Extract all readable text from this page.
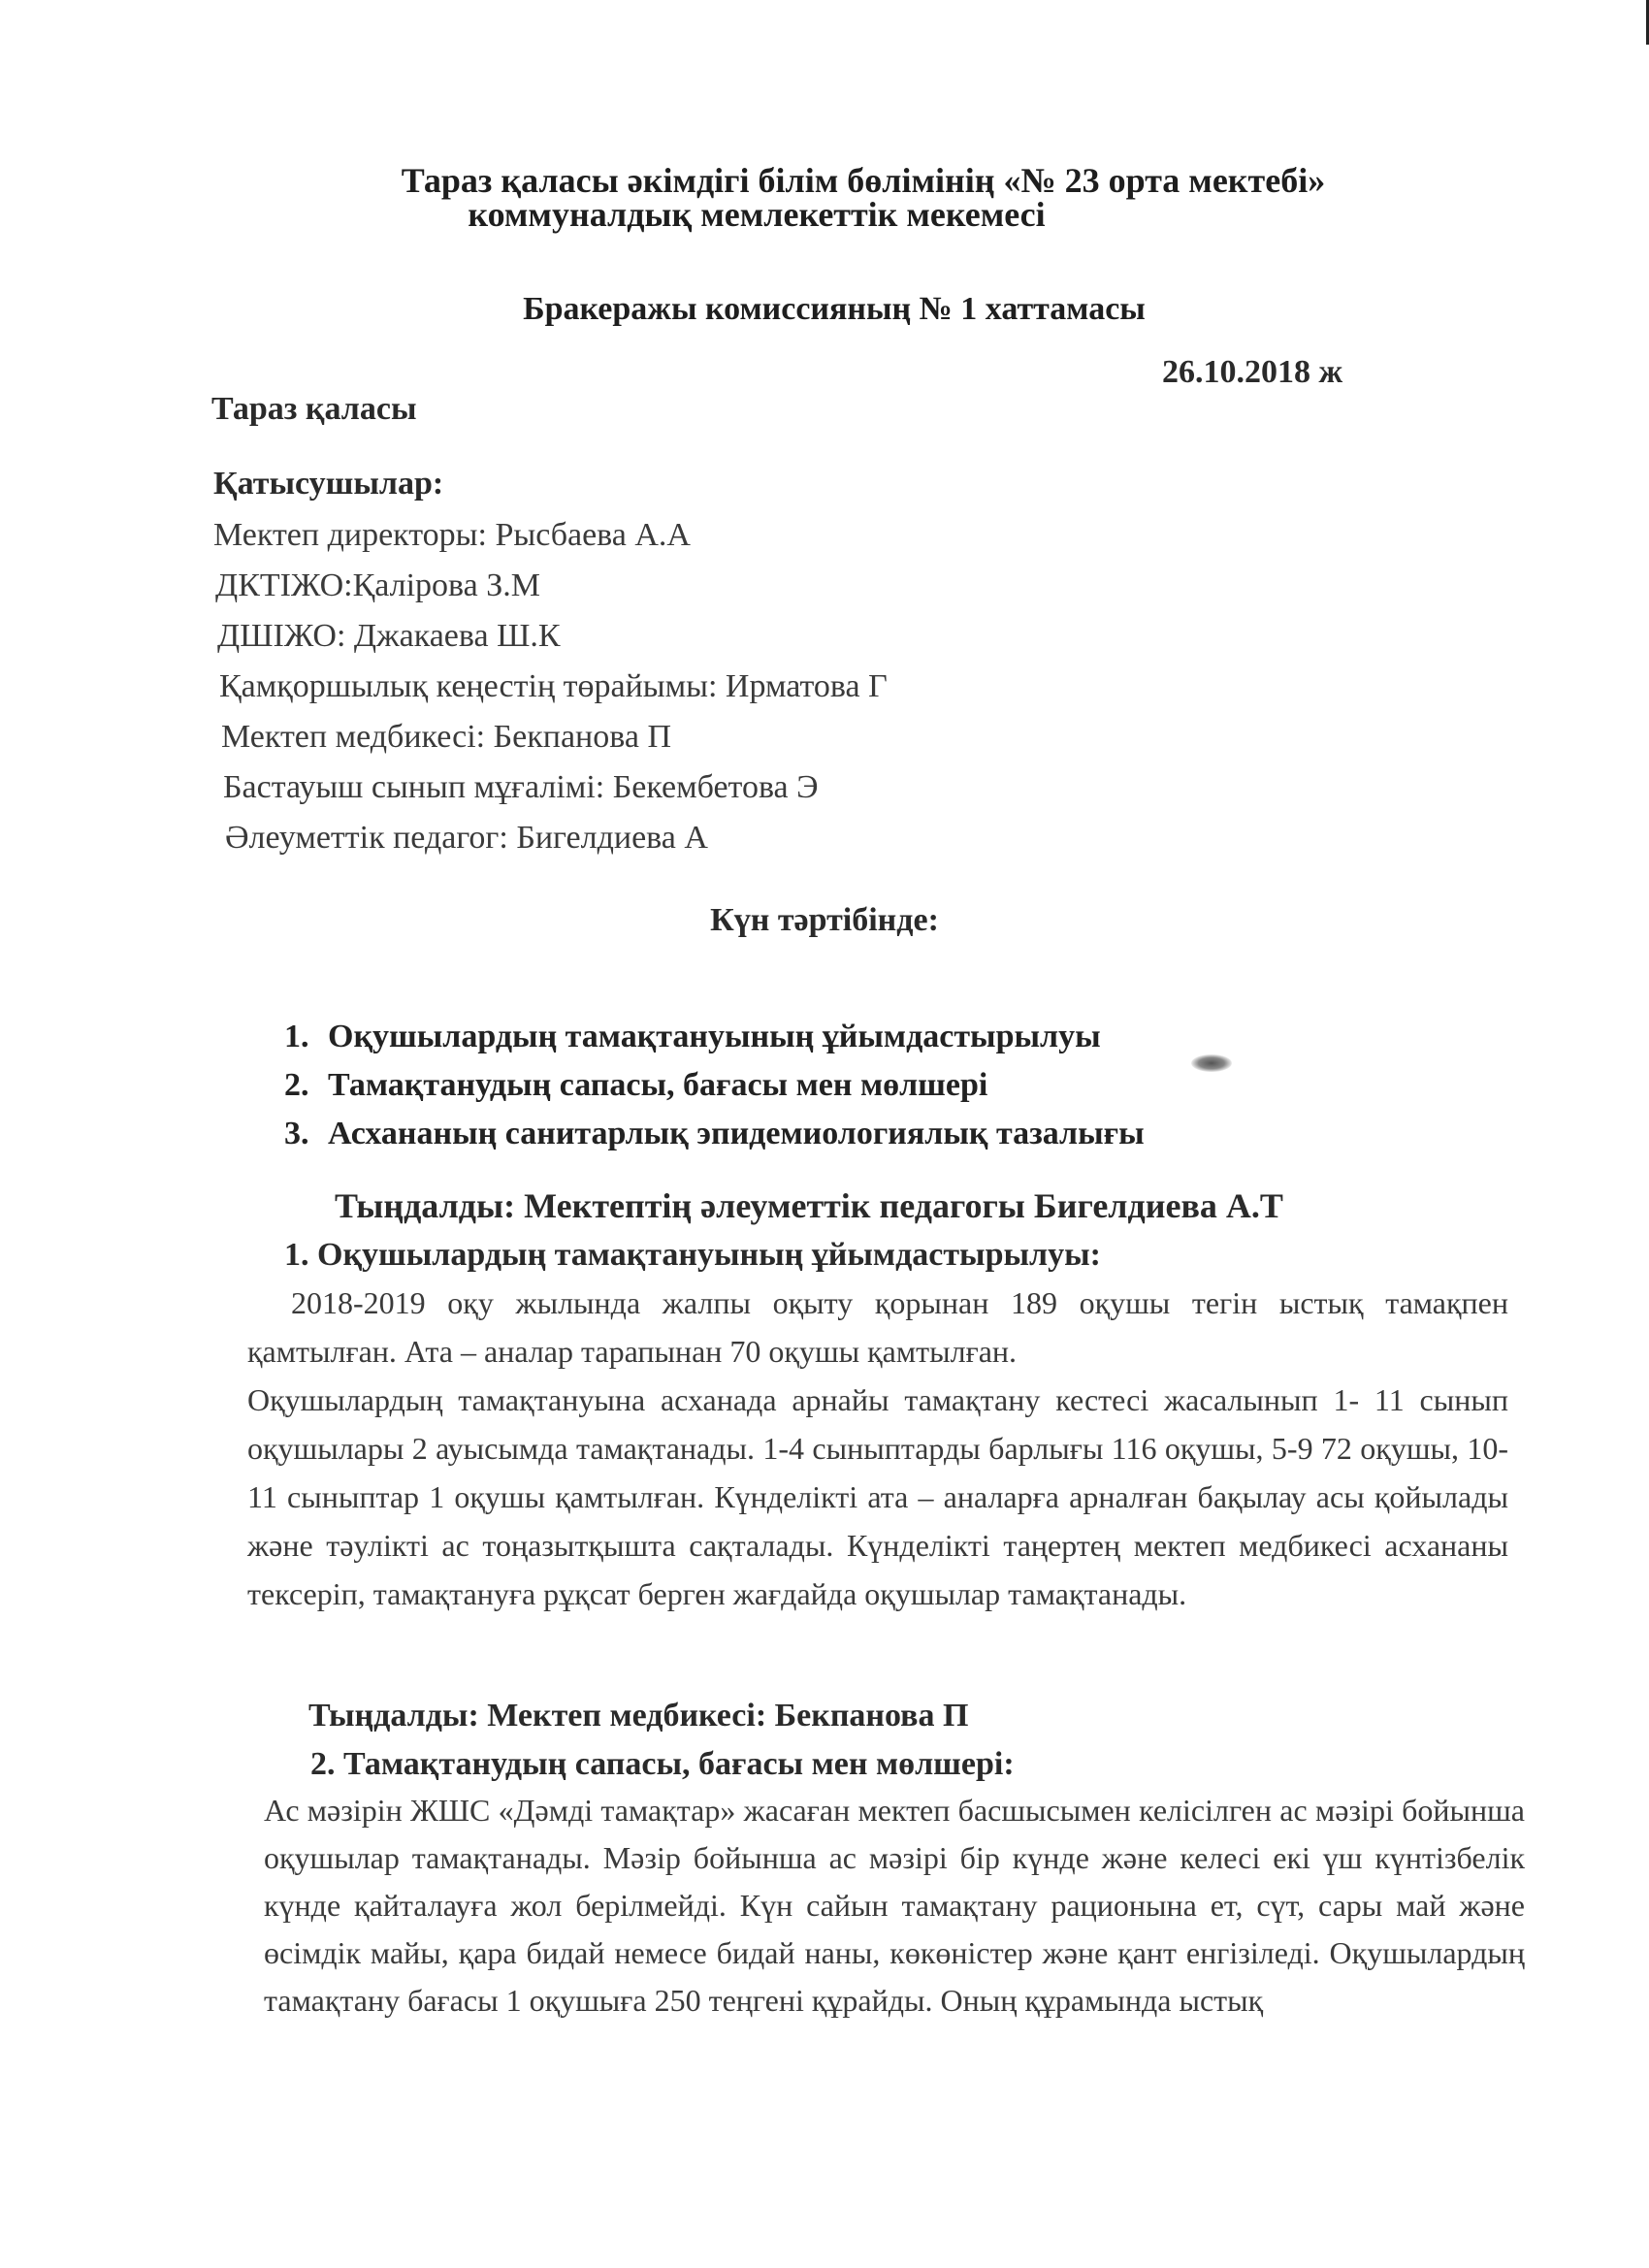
Тараз қаласы әкімдігі білім бөлімінің «№ 23 орта мектебі»
коммуналдық мемлекеттік мекемесі
Бракеражы комиссияның № 1 хаттамасы
26.10.2018 ж
Тараз қаласы
Қатысушылар:
Мектеп директоры: Рысбаева А.А
ДКТІЖО:Қалірова З.М
ДШІЖО: Джакаева Ш.К
Қамқоршылық кеңестің төрайымы: Ирматова Г
Мектеп медбикесі: Бекпанова П
Бастауыш сынып мұғалімі: Бекембетова Э
Әлеуметтік педагог: Бигелдиева А
Күн тәртібінде:
1. Оқушылардың тамақтануының ұйымдастырылуы
2. Тамақтанудың сапасы, бағасы мен мөлшері
3. Асхананың санитарлық эпидемиологиялық тазалығы
Тыңдалды: Мектептің әлеуметтік педагогы Бигелдиева А.Т
1. Оқушылардың тамақтануының ұйымдастырылуы:

2018-2019 оқу жылында жалпы оқыту қорынан 189 оқушы тегін ыстық тамақпен қамтылған. Ата – аналар тарапынан 70 оқушы қамтылған.

Оқушылардың тамақтануына асханада арнайы тамақтану кестесі жасалынып 1- 11 сынып оқушылары 2 ауысымда тамақтанады. 1-4 сыныптарды барлығы 116 оқушы, 5-9 72 оқушы, 10-11 сыныптар 1 оқушы қамтылған. Күнделікті ата – аналарға арналған бақылау асы қойылады және тәулікті ас тоңазытқышта сақталады. Күнделікті таңертең мектеп медбикесі асхананы тексеріп, тамақтануға рұқсат берген жағдайда оқушылар тамақтанады.

Тыңдалды: Мектеп медбикесі: Бекпанова П
2. Тамақтанудың сапасы, бағасы мен мөлшері:

Ас мәзірін ЖШС «Дәмді тамақтар» жасаған мектеп басшысымен келісілген ас мәзірі бойынша оқушылар тамақтанады. Мәзір бойынша ас мәзірі бір күнде және келесі екі үш күнтізбелік күнде қайталауға жол берілмейді. Күн сайын тамақтану рационына ет, сүт, сары май және өсімдік майы, қара бидай немесе бидай наны, көкөністер және қант енгізіледі. Оқушылардың тамақтану бағасы 1 оқушыға 250 теңгені құрайды. Оның құрамында ыстық
